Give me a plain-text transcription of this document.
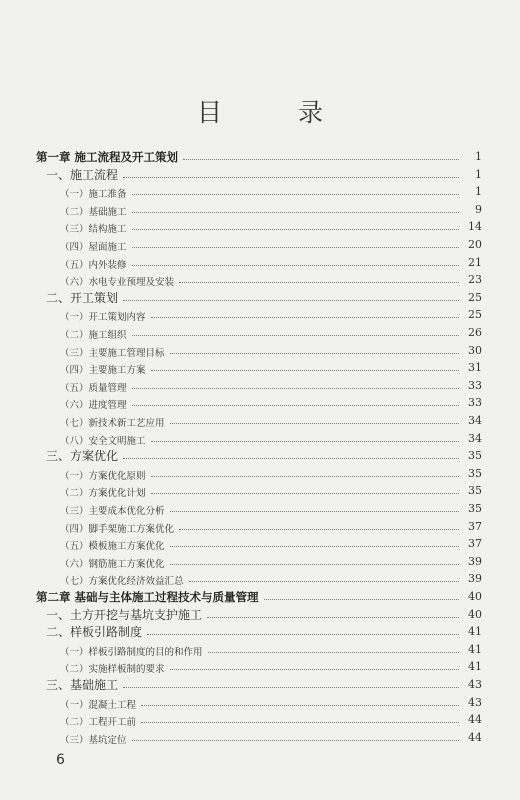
目 录
第一章 施工流程及开工策划	1
一、施工流程	1
（一）施工准备	1
（二）基础施工	9
（三）结构施工	14
（四）屋面施工	20
（五）内外装修	21
（六）水电专业预埋及安装	23
二、开工策划	25
（一）开工策划内容	25
（二）施工组织	26
（三）主要施工管理目标	30
（四）主要施工方案	31
（五）质量管理	33
（六）进度管理	33
（七）新技术新工艺应用	34
（八）安全文明施工	34
三、方案优化	35
（一）方案优化原则	35
（二）方案优化计划	35
（三）主要成本优化分析	35
（四）脚手架施工方案优化	37
（五）模板施工方案优化	37
（六）钢筋施工方案优化	39
（七）方案优化经济效益汇总	39
第二章 基础与主体施工过程技术与质量管理	40
一、土方开挖与基坑支护施工	40
二、样板引路制度	41
（一）样板引路制度的目的和作用	41
（二）实施样板制的要求	41
三、基础施工	43
（一）混凝土工程	43
（二）工程开工前	44
（三）基坑定位	44
6
